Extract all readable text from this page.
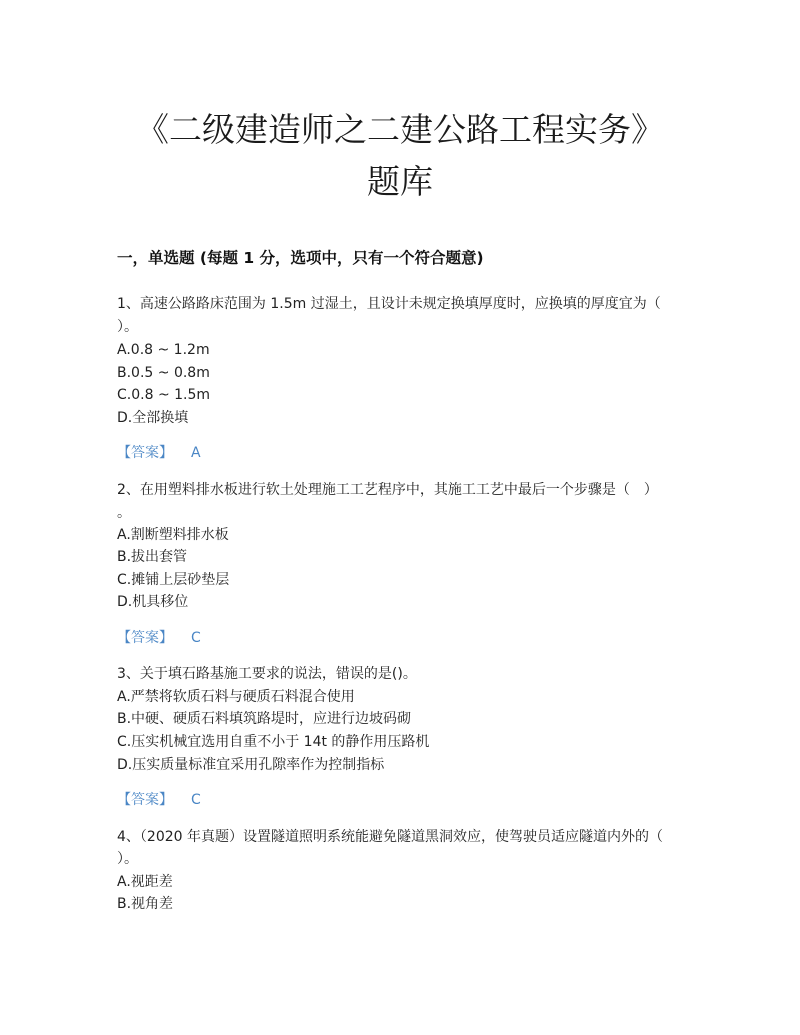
《二级建造师之二建公路工程实务》
题库
一，单选题 (每题 1 分，选项中，只有一个符合题意)
1、高速公路路床范围为 1.5m 过湿土，且设计未规定换填厚度时，应换填的厚度宜为（
）。
A.0.8 ~ 1.2m
B.0.5 ~ 0.8m
C.0.8 ~ 1.5m
D.全部换填
【答案】 A
2、在用塑料排水板进行软土处理施工工艺程序中，其施工工艺中最后一个步骤是（　）
。
A.割断塑料排水板
B.拔出套管
C.摊铺上层砂垫层
D.机具移位
【答案】 C
3、关于填石路基施工要求的说法，错误的是()。
A.严禁将软质石料与硬质石料混合使用
B.中硬、硬质石料填筑路堤时，应进行边坡码砌
C.压实机械宜选用自重不小于 14t 的静作用压路机
D.压实质量标准宜采用孔隙率作为控制指标
【答案】 C
4、（2020 年真题）设置隧道照明系统能避免隧道黑洞效应，使驾驶员适应隧道内外的（
）。
A.视距差
B.视角差
